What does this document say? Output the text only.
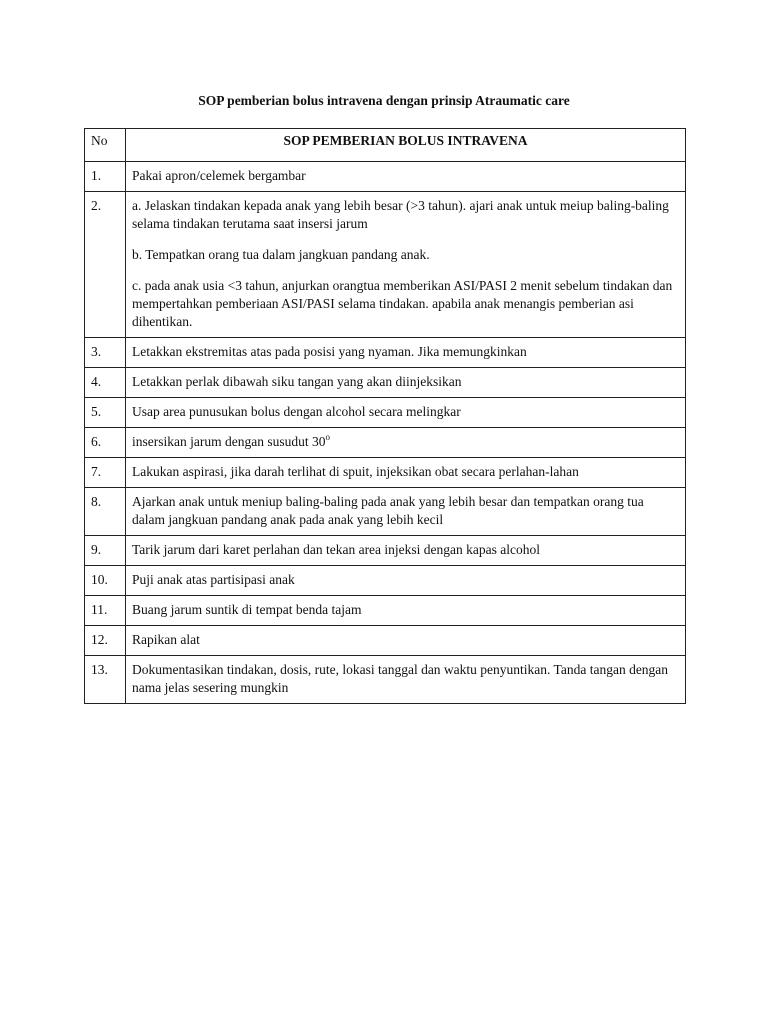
SOP pemberian bolus intravena dengan prinsip Atraumatic care
No	SOP PEMBERIAN BOLUS INTRAVENA
1.	Pakai apron/celemek bergambar
2.	a. Jelaskan tindakan kepada anak yang lebih besar (>3 tahun). ajari anak untuk meiup baling-baling selama tindakan terutama saat insersi jarum

b. Tempatkan orang tua dalam jangkuan pandang anak.

c. pada anak usia <3 tahun, anjurkan orangtua memberikan ASI/PASI 2 menit sebelum tindakan dan mempertahkan pemberiaan ASI/PASI selama tindakan. apabila anak menangis pemberian asi dihentikan.

3.	Letakkan ekstremitas atas pada posisi yang nyaman. Jika memungkinkan
4.	Letakkan perlak dibawah siku tangan yang akan diinjeksikan
5.	Usap area punusukan bolus dengan alcohol secara melingkar
6.	insersikan jarum dengan susudut 30$^o$
7.	Lakukan aspirasi, jika darah terlihat di spuit, injeksikan obat secara perlahan-lahan
8.	Ajarkan anak untuk meniup baling-baling pada anak yang lebih besar dan tempatkan orang tua dalam jangkuan pandang anak pada anak yang lebih kecil
9.	Tarik jarum dari karet perlahan dan tekan area injeksi dengan kapas alcohol
10.	Puji anak atas partisipasi anak
11.	Buang jarum suntik di tempat benda tajam
12.	Rapikan alat
13.	Dokumentasikan tindakan, dosis, rute, lokasi tanggal dan waktu penyuntikan. Tanda tangan dengan nama jelas sesering mungkin
